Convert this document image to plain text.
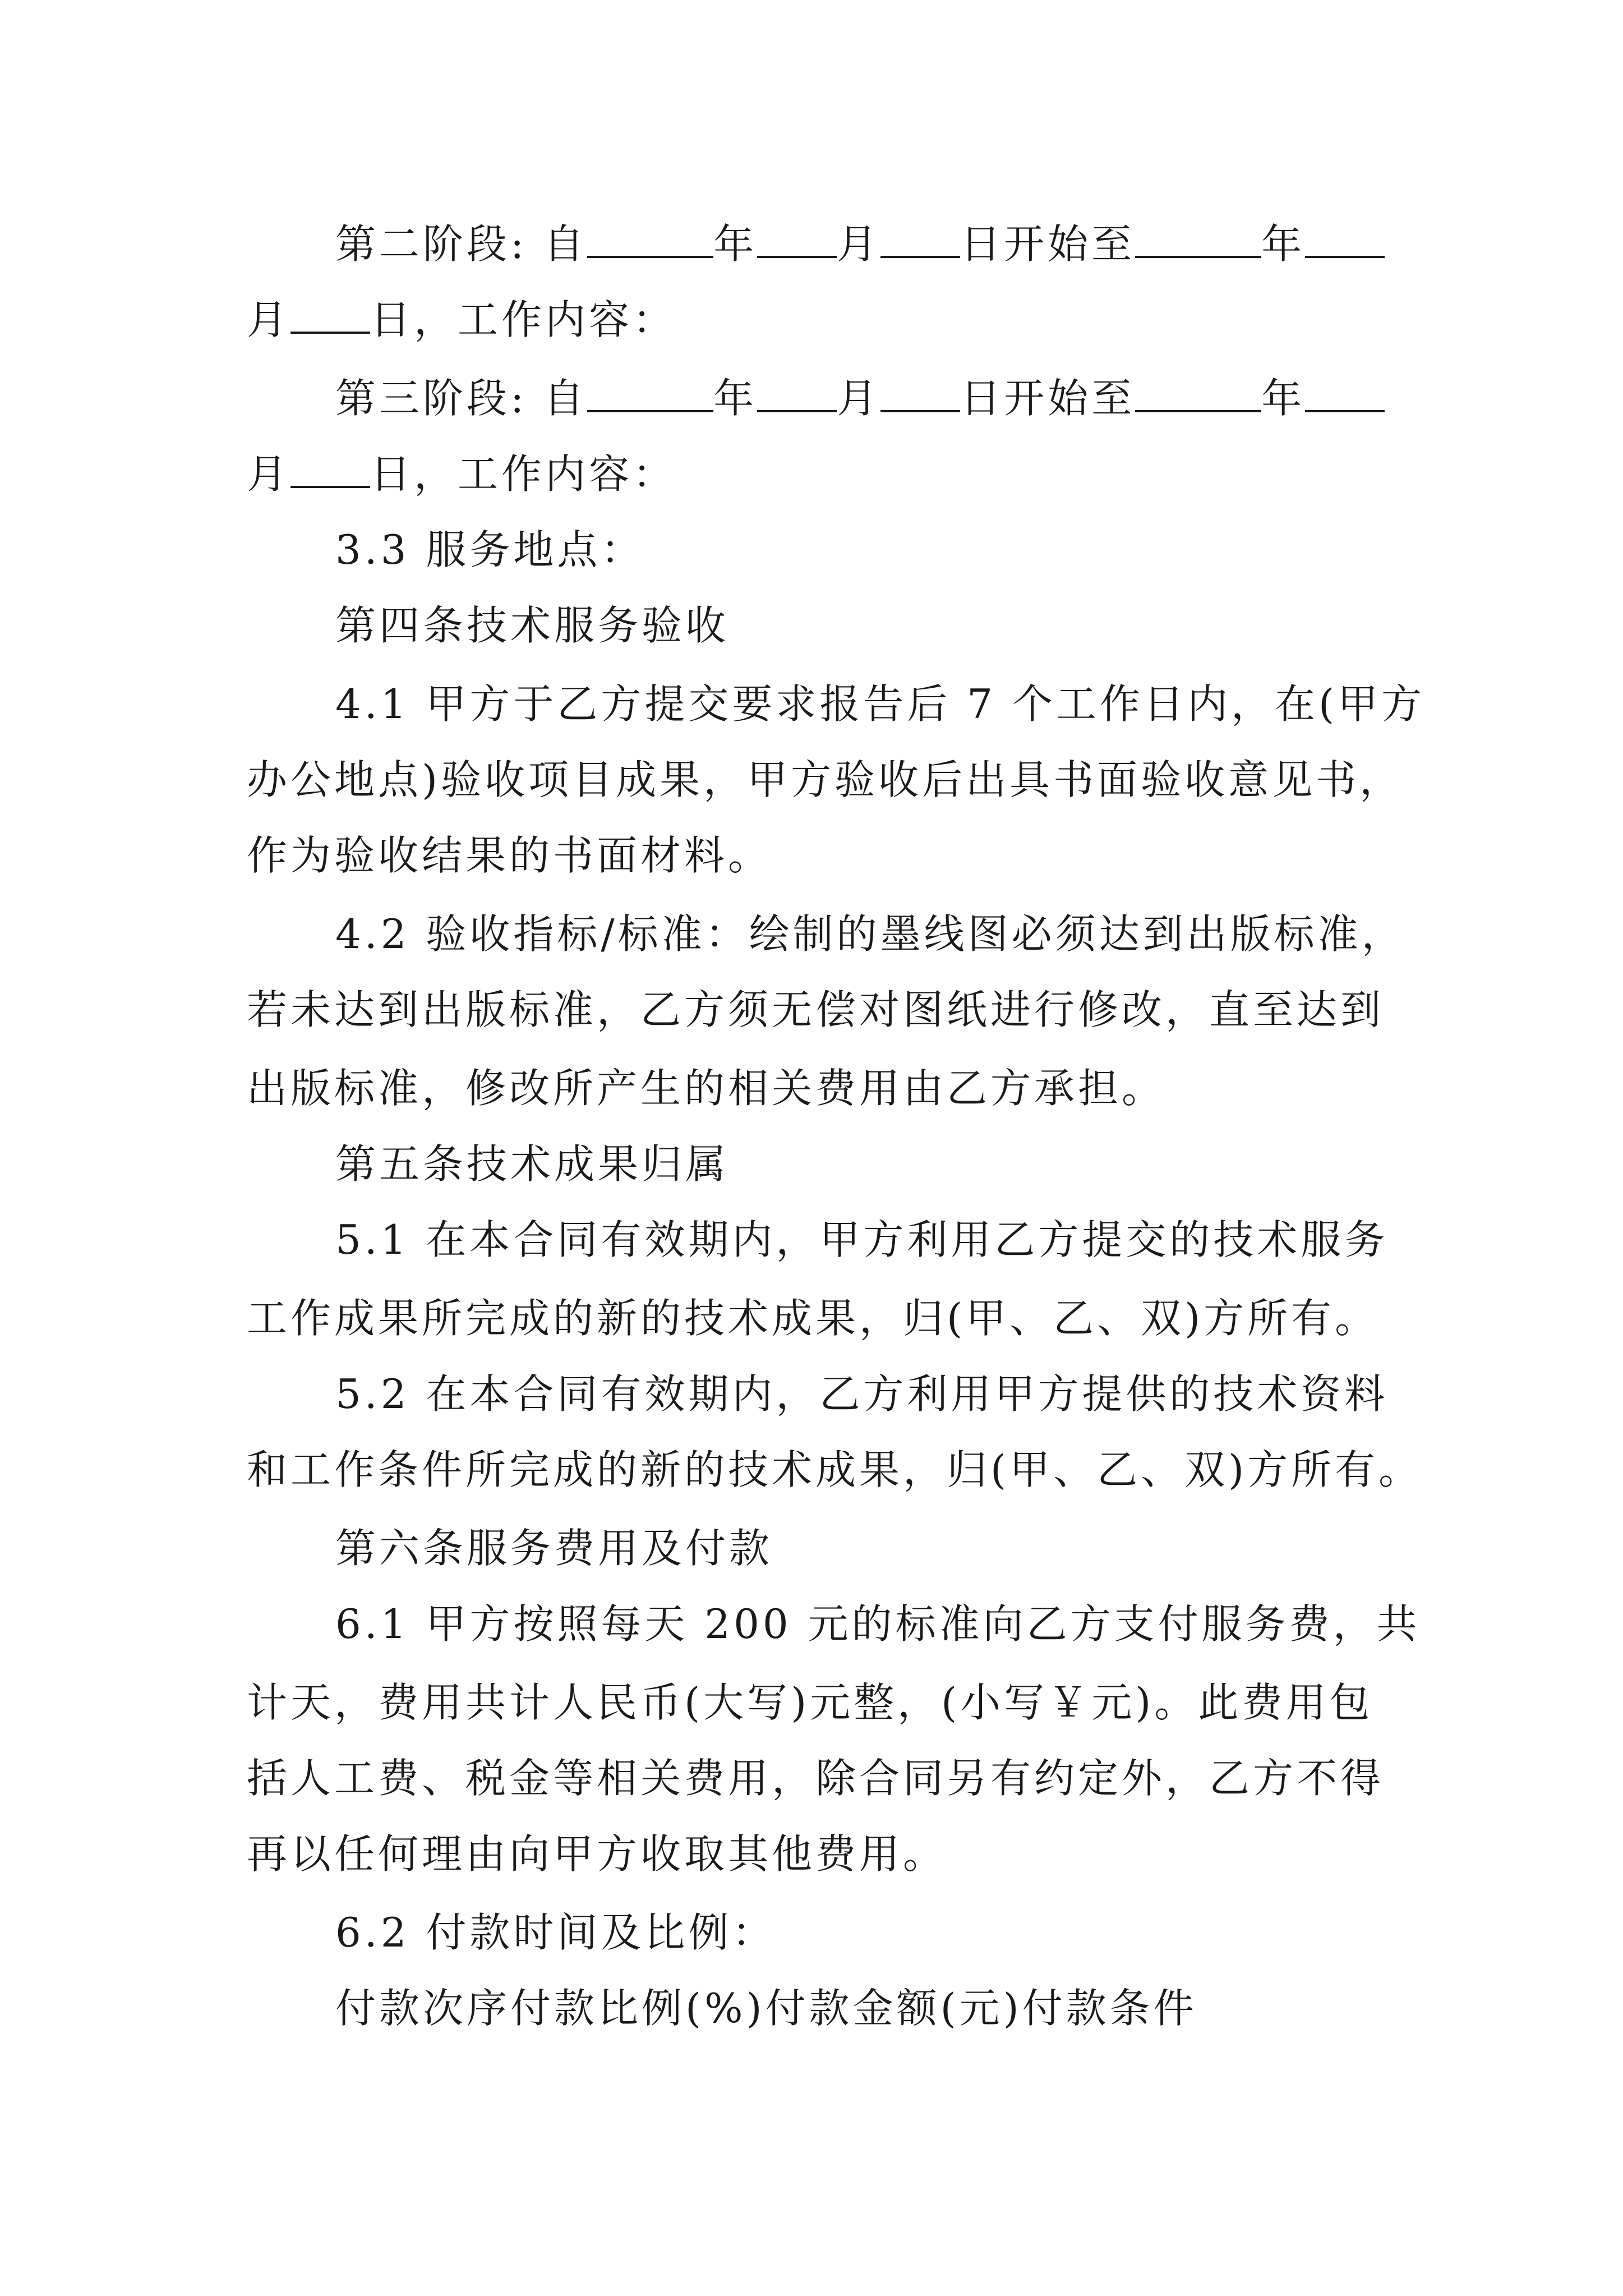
第二阶段: 自	年 月 日开始至	年
月 日，工作内容：
第三阶段: 自	年 月 日开始至	年
月 日，工作内容：
3.3 服务地点：
第四条技术服务验收
4.1 甲方于乙方提交要求报告后 7 个工作日内，在(甲方
办公地点)验收项目成果，甲方验收后出具书面验收意见书，
作为验收结果的书面材料。
4.2 验收指标/标准：绘制的墨线图必须达到出版标准，
若未达到出版标准，乙方须无偿对图纸进行修改，直至达到
出版标准，修改所产生的相关费用由乙方承担。
第五条技术成果归属
5.1 在本合同有效期内，甲方利用乙方提交的技术服务
工作成果所完成的新的技术成果，归(甲、乙、双)方所有。
5.2 在本合同有效期内，乙方利用甲方提供的技术资料
和工作条件所完成的新的技术成果，归(甲、乙、双)方所有。
第六条服务费用及付款
6.1 甲方按照每天 200 元的标准向乙方支付服务费，共
计天，费用共计人民币(大写)元整，(小写￥元)。此费用包
括人工费、税金等相关费用，除合同另有约定外，乙方不得
再以任何理由向甲方收取其他费用。
6.2 付款时间及比例：
付款次序付款比例(%)付款金额(元)付款条件
